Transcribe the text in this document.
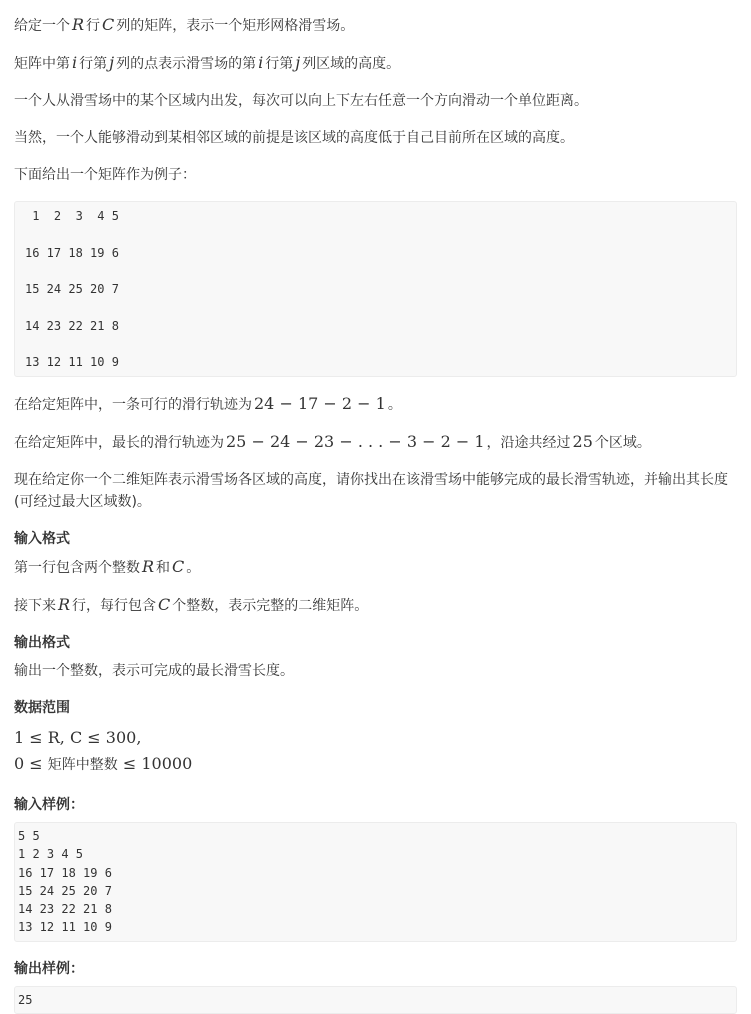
给定一个 R 行 C 列的矩阵，表示一个矩形网格滑雪场。

矩阵中第 i 行第 j 列的点表示滑雪场的第 i 行第 j 列区域的高度。

一个人从滑雪场中的某个区域内出发，每次可以向上下左右任意一个方向滑动一个单位距离。

当然，一个人能够滑动到某相邻区域的前提是该区域的高度低于自己目前所在区域的高度。

下面给出一个矩阵作为例子：

1  2  3  4 5
16 17 18 19 6
15 24 25 20 7
14 23 22 21 8
13 12 11 10 9

在给定矩阵中，一条可行的滑行轨迹为 24 − 17 − 2 − 1 。

在给定矩阵中，最长的滑行轨迹为 25 − 24 − 23 − . . . − 3 − 2 − 1 ，沿途共经过 25 个区域。

现在给定你一个二维矩阵表示滑雪场各区域的高度，请你找出在该滑雪场中能够完成的最长滑雪轨迹，并输出其长度(可经过最大区域数)。

输入格式

第一行包含两个整数 R 和 C 。

接下来 R 行，每行包含 C 个整数，表示完整的二维矩阵。

输出格式

输出一个整数，表示可完成的最长滑雪长度。

数据范围
1 ≤ R, C ≤ 300,
0 ≤ 矩阵中整数 ≤ 10000
输入样例：
5 5
1 2 3 4 5
16 17 18 19 6
15 24 25 20 7
14 23 22 21 8
13 12 11 10 9
输出样例：
25
